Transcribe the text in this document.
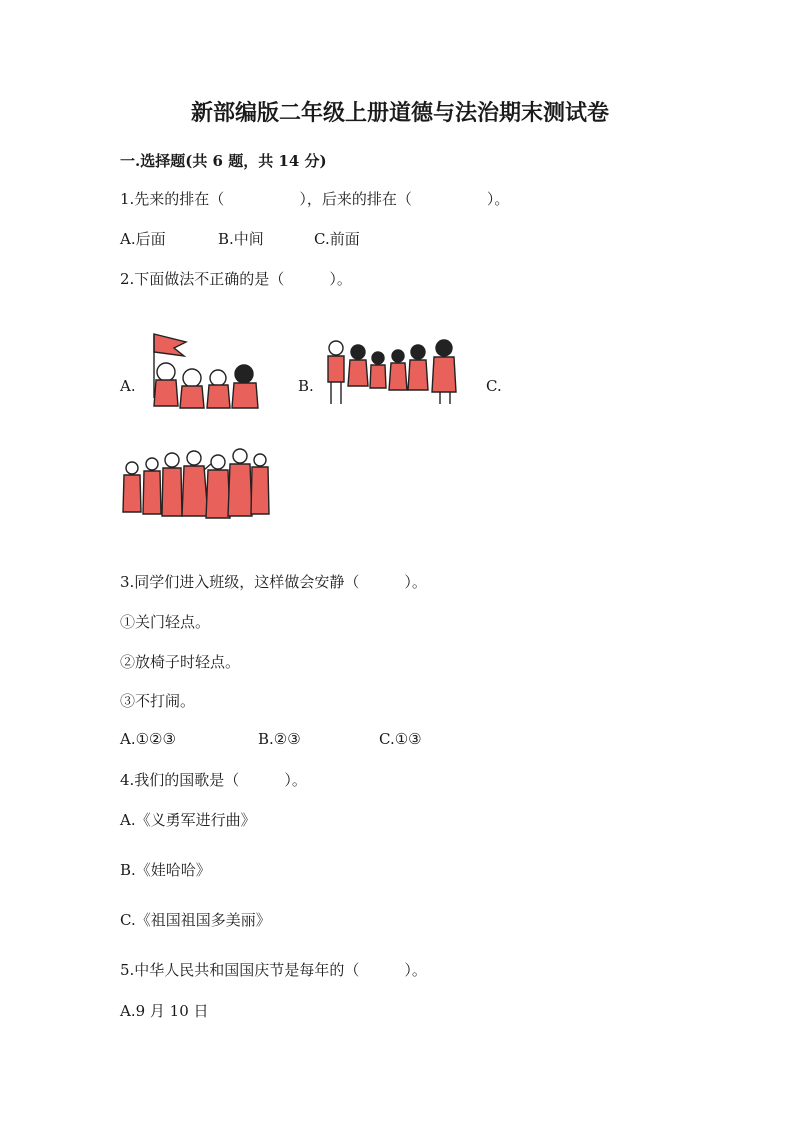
新部编版二年级上册道德与法治期末测试卷
一.选择题(共 6 题，共 14 分)
1.先来的排在（　　　　　），后来的排在（　　　　　）。
A.后面	B.中间	C.前面
2.下面做法不正确的是（　　　）。
A.	B.	C.
3.同学们进入班级，这样做会安静（　　　）。
①关门轻点。
②放椅子时轻点。
③不打闹。
A.①②③	B.②③	C.①③
4.我们的国歌是（　　　）。
A.《义勇军进行曲》
B.《娃哈哈》
C.《祖国祖国多美丽》
5.中华人民共和国国庆节是每年的（　　　）。
A.9 月 10 日
